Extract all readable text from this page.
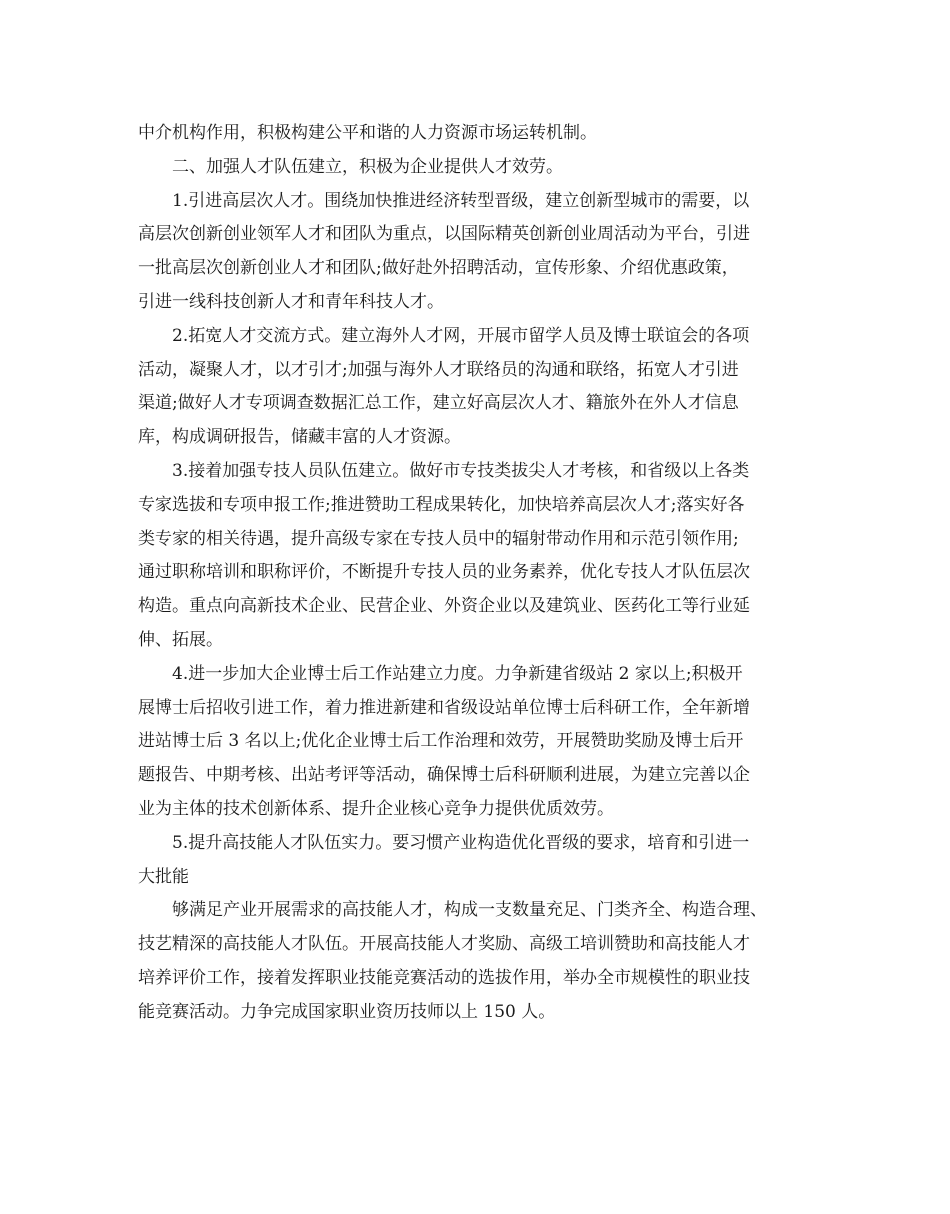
中介机构作用，积极构建公平和谐的人力资源市场运转机制。
二、加强人才队伍建立，积极为企业提供人才效劳。
1.引进高层次人才。围绕加快推进经济转型晋级，建立创新型城市的需要，以
高层次创新创业领军人才和团队为重点，以国际精英创新创业周活动为平台，引进
一批高层次创新创业人才和团队;做好赴外招聘活动，宣传形象、介绍优惠政策，
引进一线科技创新人才和青年科技人才。
2.拓宽人才交流方式。建立海外人才网，开展市留学人员及博士联谊会的各项
活动，凝聚人才，以才引才;加强与海外人才联络员的沟通和联络，拓宽人才引进
渠道;做好人才专项调查数据汇总工作，建立好高层次人才、籍旅外在外人才信息
库，构成调研报告，储藏丰富的人才资源。
3.接着加强专技人员队伍建立。做好市专技类拔尖人才考核，和省级以上各类
专家选拔和专项申报工作;推进赞助工程成果转化，加快培养高层次人才;落实好各
类专家的相关待遇，提升高级专家在专技人员中的辐射带动作用和示范引领作用;
通过职称培训和职称评价，不断提升专技人员的业务素养，优化专技人才队伍层次
构造。重点向高新技术企业、民营企业、外资企业以及建筑业、医药化工等行业延
伸、拓展。
4.进一步加大企业博士后工作站建立力度。力争新建省级站 2 家以上;积极开
展博士后招收引进工作，着力推进新建和省级设站单位博士后科研工作，全年新增
进站博士后 3 名以上;优化企业博士后工作治理和效劳，开展赞助奖励及博士后开
题报告、中期考核、出站考评等活动，确保博士后科研顺利进展，为建立完善以企
业为主体的技术创新体系、提升企业核心竞争力提供优质效劳。
5.提升高技能人才队伍实力。要习惯产业构造优化晋级的要求，培育和引进一
大批能
够满足产业开展需求的高技能人才，构成一支数量充足、门类齐全、构造合理、
技艺精深的高技能人才队伍。开展高技能人才奖励、高级工培训赞助和高技能人才
培养评价工作，接着发挥职业技能竞赛活动的选拔作用，举办全市规模性的职业技
能竞赛活动。力争完成国家职业资历技师以上 150 人。
